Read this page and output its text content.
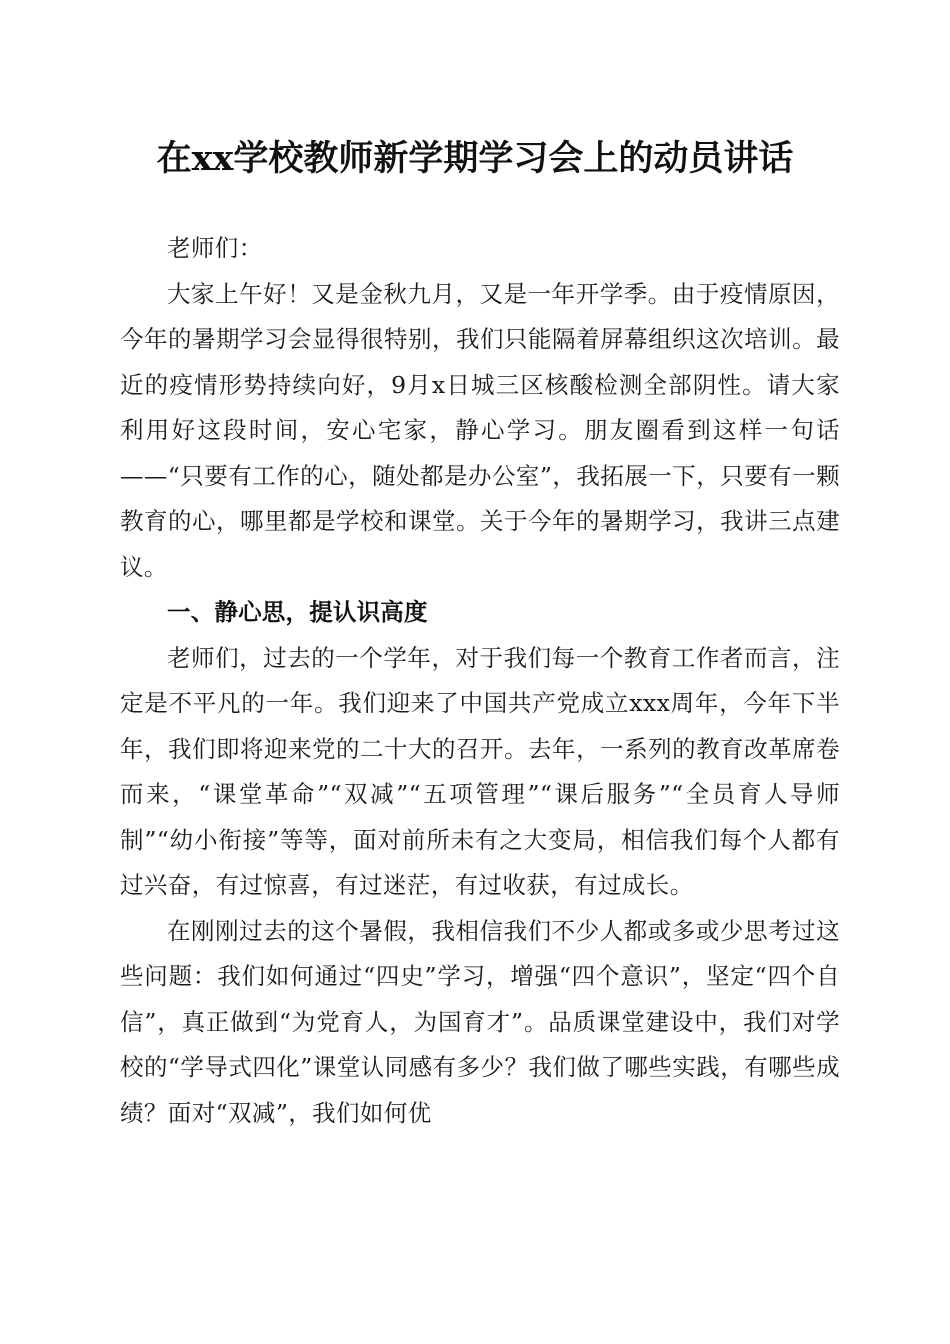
在xx学校教师新学期学习会上的动员讲话

老师们：

大家上午好！又是金秋九月，又是一年开学季。由于疫情原因，今年的暑期学习会显得很特别，我们只能隔着屏幕组织这次培训。最近的疫情形势持续向好，9月x日城三区核酸检测全部阴性。请大家利用好这段时间，安心宅家，静心学习。朋友圈看到这样一句话——“只要有工作的心，随处都是办公室”，我拓展一下，只要有一颗教育的心，哪里都是学校和课堂。关于今年的暑期学习，我讲三点建议。

一、静心思，提认识高度

老师们，过去的一个学年，对于我们每一个教育工作者而言，注定是不平凡的一年。我们迎来了中国共产党成立xxx周年，今年下半年，我们即将迎来党的二十大的召开。去年，一系列的教育改革席卷而来，“课堂革命”“双减”“五项管理”“课后服务”“全员育人导师制”“幼小衔接”等等，面对前所未有之大变局，相信我们每个人都有过兴奋，有过惊喜，有过迷茫，有过收获，有过成长。

在刚刚过去的这个暑假，我相信我们不少人都或多或少思考过这些问题：我们如何通过“四史”学习，增强“四个意识”，坚定“四个自信”，真正做到“为党育人，为国育才”。品质课堂建设中，我们对学校的“学导式四化”课堂认同感有多少？我们做了哪些实践，有哪些成绩？面对“双减”，我们如何优
